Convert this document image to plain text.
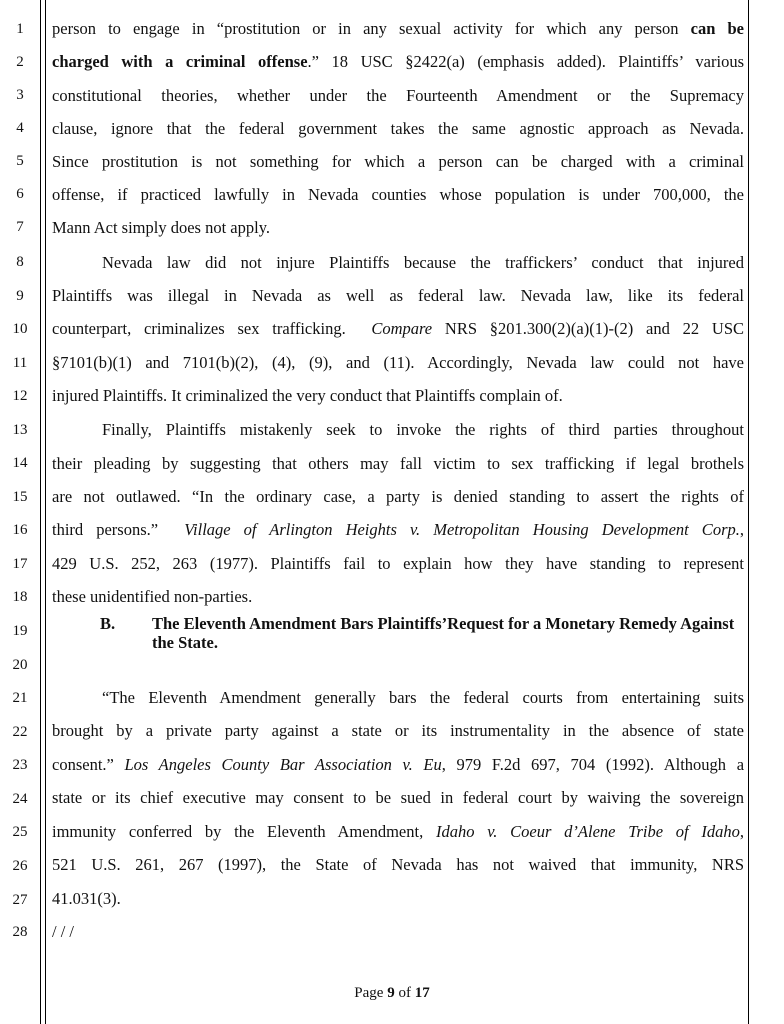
1
2
3
4
5
6
7
8
9
10
11
12
13
14
15
16
17
18
19
20
21
22
23
24
25
26
27
28
person to engage in “prostitution or in any sexual activity for which any person can be
charged with a criminal offense.” 18 USC §2422(a) (emphasis added). Plaintiffs’ various
constitutional theories, whether under the Fourteenth Amendment or the Supremacy
clause, ignore that the federal government takes the same agnostic approach as Nevada.
Since prostitution is not something for which a person can be charged with a criminal
offense, if practiced lawfully in Nevada counties whose population is under 700,000, the
Mann Act simply does not apply.
Nevada law did not injure Plaintiffs because the traffickers’ conduct that injured
Plaintiffs was illegal in Nevada as well as federal law. Nevada law, like its federal
counterpart, criminalizes sex trafficking. Compare NRS §201.300(2)(a)(1)-(2) and 22 USC
§7101(b)(1) and 7101(b)(2), (4), (9), and (11). Accordingly, Nevada law could not have
injured Plaintiffs. It criminalized the very conduct that Plaintiffs complain of.
Finally, Plaintiffs mistakenly seek to invoke the rights of third parties throughout
their pleading by suggesting that others may fall victim to sex trafficking if legal brothels
are not outlawed. “In the ordinary case, a party is denied standing to assert the rights of
third persons.” Village of Arlington Heights v. Metropolitan Housing Development Corp.,
429 U.S. 252, 263 (1977). Plaintiffs fail to explain how they have standing to represent
these unidentified non-parties.
B. The Eleventh Amendment Bars Plaintiffs’Request for a Monetary Remedy Against the State.
“The Eleventh Amendment generally bars the federal courts from entertaining suits
brought by a private party against a state or its instrumentality in the absence of state
consent.” Los Angeles County Bar Association v. Eu, 979 F.2d 697, 704 (1992). Although a
state or its chief executive may consent to be sued in federal court by waiving the sovereign
immunity conferred by the Eleventh Amendment, Idaho v. Coeur d’Alene Tribe of Idaho,
521 U.S. 261, 267 (1997), the State of Nevada has not waived that immunity, NRS
41.031(3).
/ / /
Page 9 of 17
